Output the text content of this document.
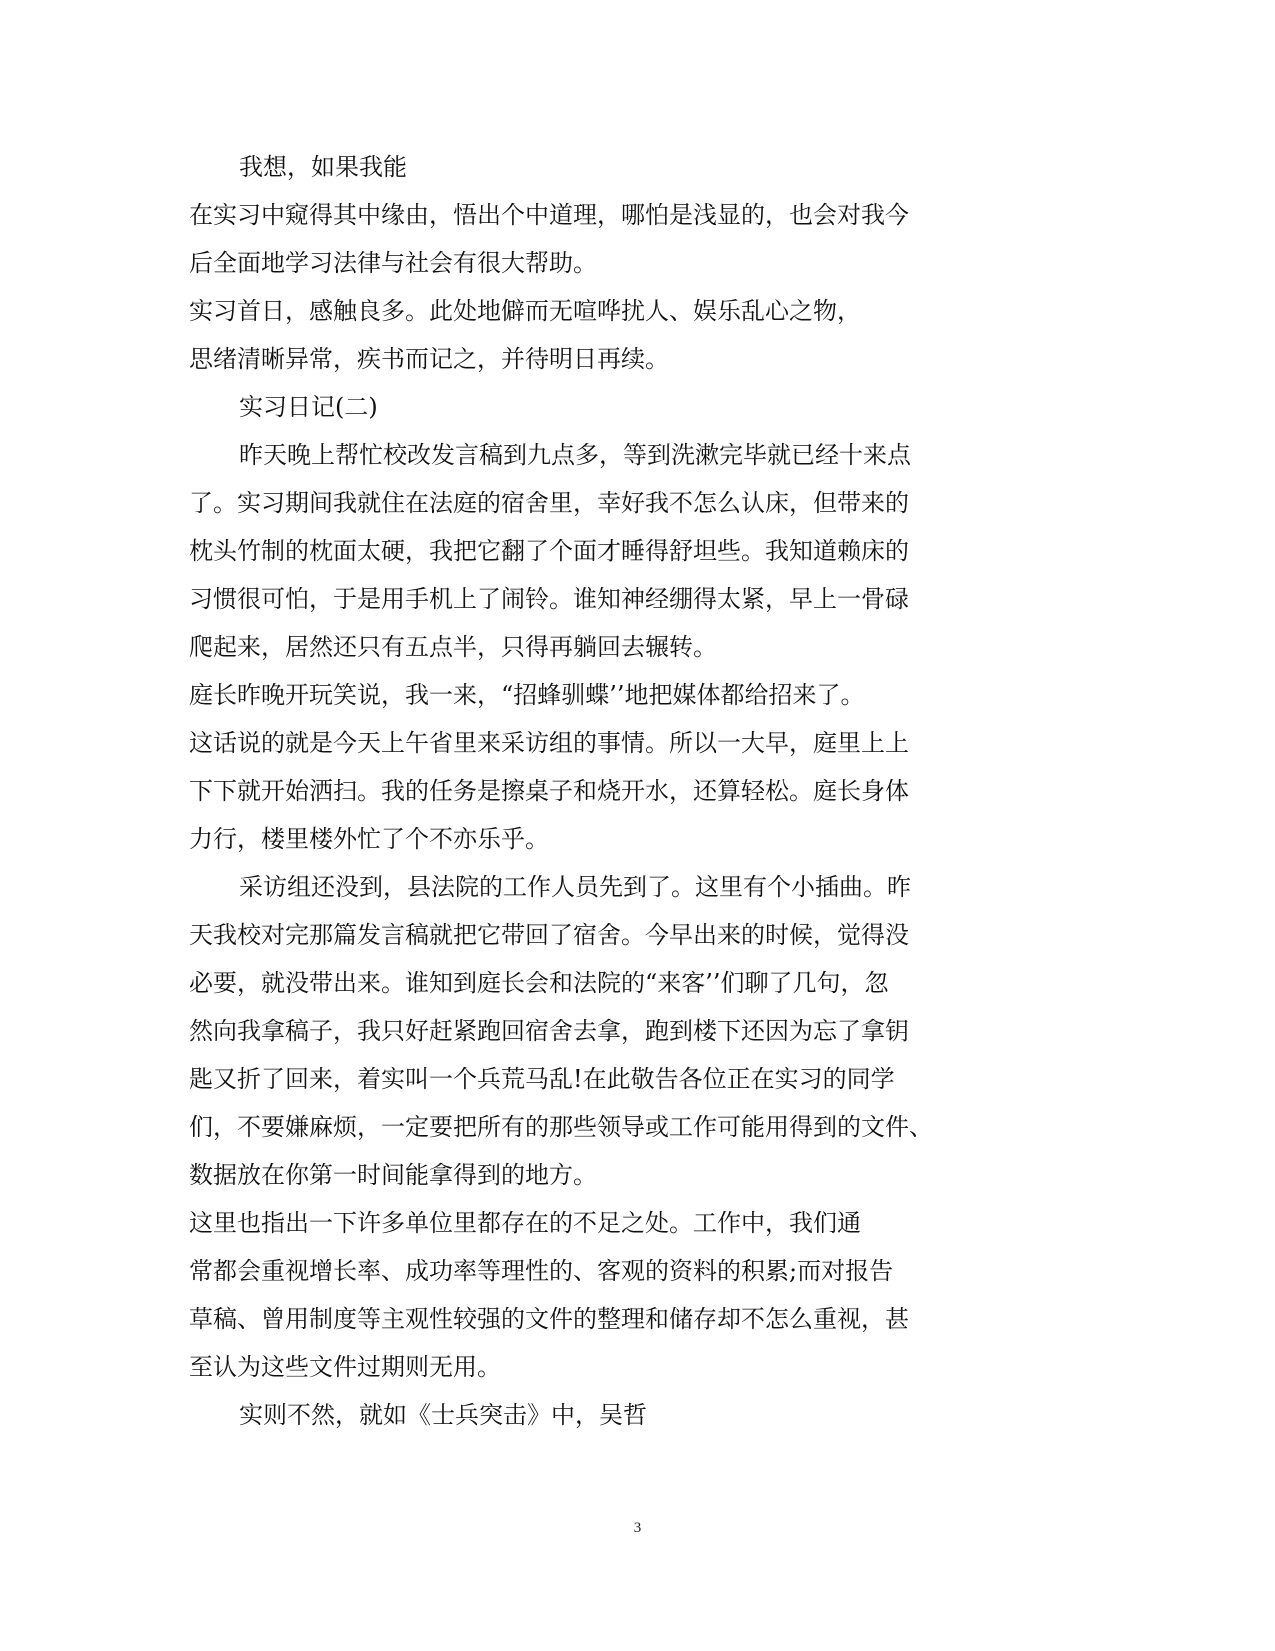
我想，如果我能
在实习中窥得其中缘由，悟出个中道理，哪怕是浅显的，也会对我今
后全面地学习法律与社会有很大帮助。
实习首日，感触良多。此处地僻而无喧哗扰人、娱乐乱心之物，
思绪清晰异常，疾书而记之，并待明日再续。
实习日记(二)
昨天晚上帮忙校改发言稿到九点多，等到洗漱完毕就已经十来点
了。实习期间我就住在法庭的宿舍里，幸好我不怎么认床，但带来的
枕头竹制的枕面太硬，我把它翻了个面才睡得舒坦些。我知道赖床的
习惯很可怕，于是用手机上了闹铃。谁知神经绷得太紧，早上一骨碌
爬起来，居然还只有五点半，只得再躺回去辗转。
庭长昨晚开玩笑说，我一来，“招蜂驯蝶’’地把媒体都给招来了。
这话说的就是今天上午省里来采访组的事情。所以一大早，庭里上上
下下就开始洒扫。我的任务是擦桌子和烧开水，还算轻松。庭长身体
力行，楼里楼外忙了个不亦乐乎。
采访组还没到，县法院的工作人员先到了。这里有个小插曲。昨
天我校对完那篇发言稿就把它带回了宿舍。今早出来的时候，觉得没
必要，就没带出来。谁知到庭长会和法院的“来客’’们聊了几句，忽
然向我拿稿子，我只好赶紧跑回宿舍去拿，跑到楼下还因为忘了拿钥
匙又折了回来，着实叫一个兵荒马乱!在此敬告各位正在实习的同学
们，不要嫌麻烦，一定要把所有的那些领导或工作可能用得到的文件、
数据放在你第一时间能拿得到的地方。
这里也指出一下许多单位里都存在的不足之处。工作中，我们通
常都会重视增长率、成功率等理性的、客观的资料的积累;而对报告
草稿、曾用制度等主观性较强的文件的整理和储存却不怎么重视，甚
至认为这些文件过期则无用。
实则不然，就如《士兵突击》中，吴哲
3
